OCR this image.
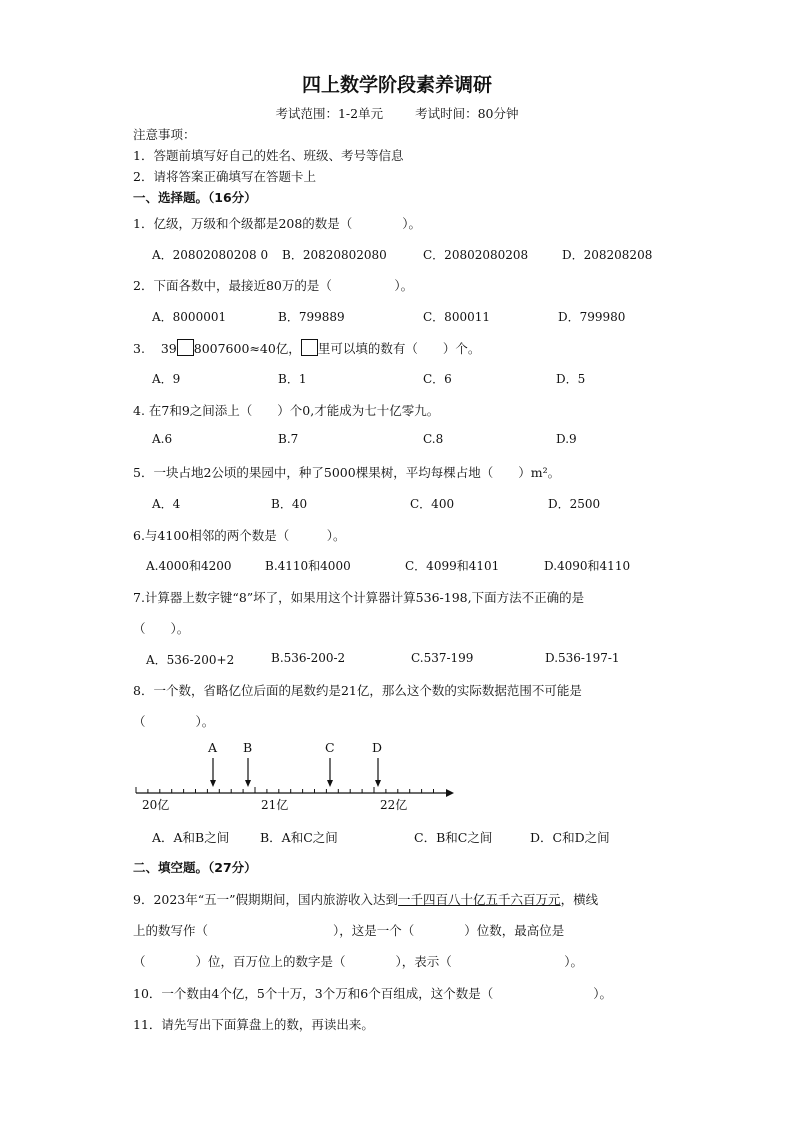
四上数学阶段素养调研
考试范围：1-2单元	考试时间：80分钟
注意事项：
1．答题前填写好自己的姓名、班级、考号等信息
2．请将答案正确填写在答题卡上
一、选择题。（16分）
1．亿级，万级和个级都是208的数是（　　　　）。
A．20802080208 0 B．20820802080	C．20802080208	D．208208208
2．下面各数中，最接近80万的是（　　　　　）。
A．8000001	B．799889	C．800011	D．799980
3. 39 8007600≈40亿， 里可以填的数有（　　）个。
A．9	B．1	C．6	D．5
4. 在7和9之间添上（　　）个0,才能成为七十亿零九。
A.6	B.7	C.8	D.9
5．一块占地2公顷的果园中，种了5000棵果树，平均每棵占地（　　）m²。
A．4	B．40	C．400	D．2500
6.与4100相邻的两个数是（　　　）。
A.4000和4200	B.4110和4000	C．4099和4101	D.4090和4110
7.计算器上数字键“8”坏了，如果用这个计算器计算536-198,下面方法不正确的是
（　　）。
A．536-200+2	B.536-200-2	C.537-199	D.536-197-1
8．一个数，省略亿位后面的尾数约是21亿，那么这个数的实际数据范围不可能是
（　　　　）。
20亿	21亿	22亿
A B	C	D
A．A和B之间 B．A和C之间	C．B和C之间	D．C和D之间
二、填空题。（27分）
9．2023年“五一”假期期间，国内旅游收入达到一千四百八十亿五千六百万元，横线
上的数写作（　　　　　　　　　　），这是一个（　　　　）位数，最高位是
（　　　　）位，百万位上的数字是（　　　　），表示（　　　　　　　　　）。
10．一个数由4个亿，5个十万，3个万和6个百组成，这个数是（　　　　　　　　）。
11．请先写出下面算盘上的数，再读出来。
